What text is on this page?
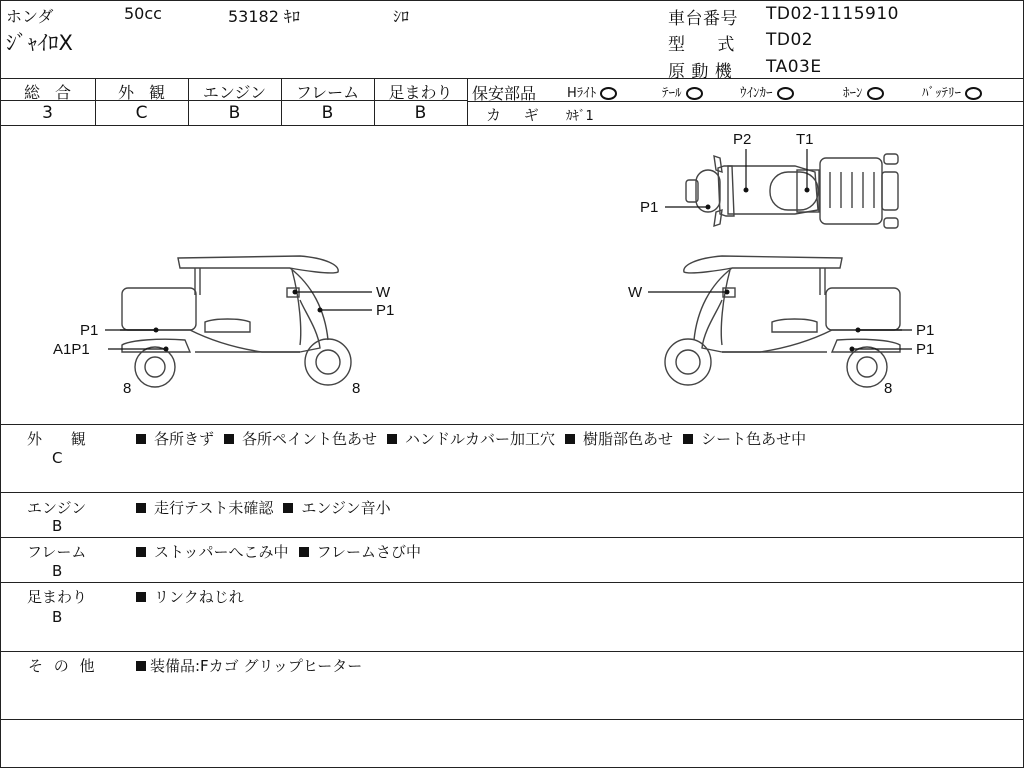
ホンダ	50cc	53182 ｷﾛ	ｼﾛ
ｼﾞｬｲﾛX
車台番号 TD02-1115910
型 式 TD02
原 動 機 TA03E
総 合	外 観	エンジン	フレーム	足まわり
3	C	B	B	B
保安部品 Hﾗｲﾄ	ﾃｰﾙ	ｳｲﾝｶｰ	ﾎｰﾝ	ﾊﾞｯﾃﾘｰ
カ ギ ｶｷﾞ1
P2	T1
P1
W
P1
P1
A1P1
8	8
W
P1
P1
8
外 観
C
各所きず 各所ペイント色あせ ハンドルカバー加工穴 樹脂部色あせ シート色あせ中
エンジン
B
走行テスト未確認 エンジン音小
フレーム
B
ストッパーへこみ中 フレームさび中
足まわり
B
リンクねじれ
そ の 他	装備品:Fカゴ グリップヒーター
